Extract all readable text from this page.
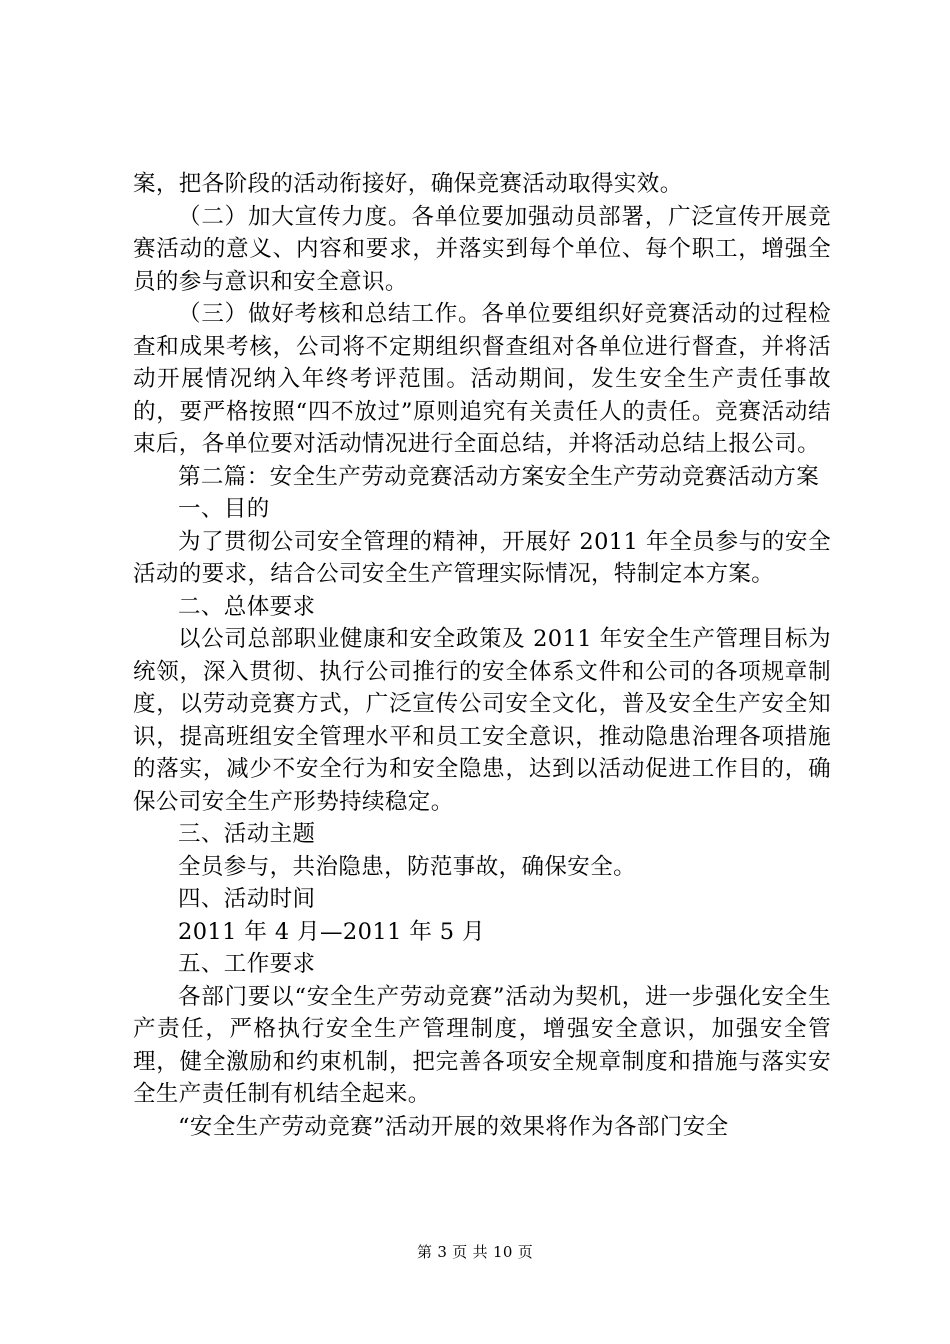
案，把各阶段的活动衔接好，确保竞赛活动取得实效。

（二）加大宣传力度。各单位要加强动员部署，广泛宣传开展竞赛活动的意义、内容和要求，并落实到每个单位、每个职工，增强全员的参与意识和安全意识。

（三）做好考核和总结工作。各单位要组织好竞赛活动的过程检查和成果考核，公司将不定期组织督查组对各单位进行督查，并将活动开展情况纳入年终考评范围。活动期间，发生安全生产责任事故的，要严格按照“四不放过”原则追究有关责任人的责任。竞赛活动结束后，各单位要对活动情况进行全面总结，并将活动总结上报公司。

第二篇：安全生产劳动竞赛活动方案安全生产劳动竞赛活动方案

一、目的

为了贯彻公司安全管理的精神，开展好 2011 年全员参与的安全活动的要求，结合公司安全生产管理实际情况，特制定本方案。

二、总体要求

以公司总部职业健康和安全政策及 2011 年安全生产管理目标为统领，深入贯彻、执行公司推行的安全体系文件和公司的各项规章制度，以劳动竞赛方式，广泛宣传公司安全文化，普及安全生产安全知识，提高班组安全管理水平和员工安全意识，推动隐患治理各项措施的落实，减少不安全行为和安全隐患，达到以活动促进工作目的，确保公司安全生产形势持续稳定。

三、活动主题

全员参与，共治隐患，防范事故，确保安全。

四、活动时间

2011 年 4 月—2011 年 5 月

五、工作要求

各部门要以“安全生产劳动竞赛”活动为契机，进一步强化安全生产责任，严格执行安全生产管理制度，增强安全意识，加强安全管理，健全激励和约束机制，把完善各项安全规章制度和措施与落实安全生产责任制有机结全起来。

“安全生产劳动竞赛”活动开展的效果将作为各部门安全

第 3 页 共 10 页
